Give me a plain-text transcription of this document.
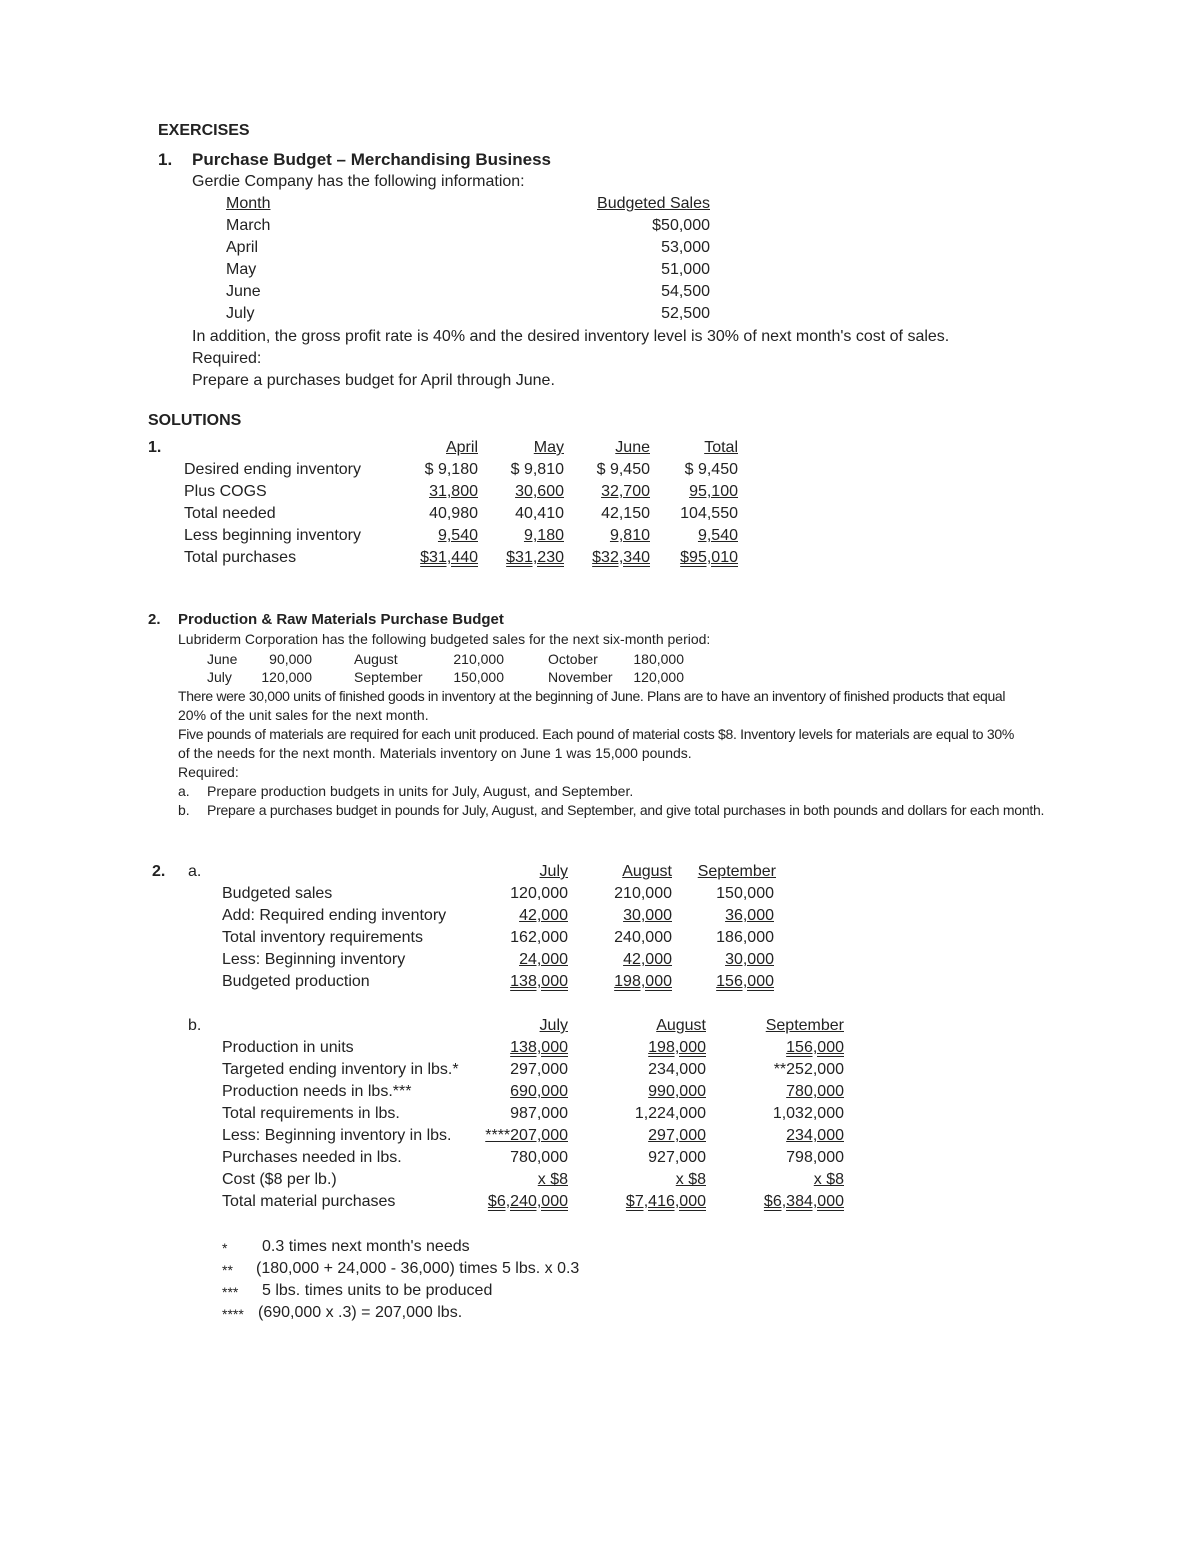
EXERCISES
1. Purchase Budget – Merchandising Business
Gerdie Company has the following information:
Month	Budgeted Sales
March	$50,000
April	53,000
May	51,000
June	54,500
July	52,500
In addition, the gross profit rate is 40% and the desired inventory level is 30% of next month's cost of sales.
Required:
Prepare a purchases budget for April through June.
SOLUTIONS
1.	April	May	June	Total
Desired ending inventory	$ 9,180	$ 9,810	$ 9,450	$ 9,450
Plus COGS	31,800	30,600	32,700	95,100
Total needed	40,980	40,410	42,150	104,550
Less beginning inventory	9,540	9,180	9,810	9,540
Total purchases	$31,440	$31,230	$32,340	$95,010
2. Production & Raw Materials Purchase Budget
Lubriderm Corporation has the following budgeted sales for the next six-month period:
June	90,000
July	120,000
August	210,000
September	150,000
October	180,000
November	120,000
There were 30,000 units of finished goods in inventory at the beginning of June. Plans are to have an inventory of finished products that equal
20% of the unit sales for the next month.
Five pounds of materials are required for each unit produced. Each pound of material costs $8. Inventory levels for materials are equal to 30%
of the needs for the next month. Materials inventory on June 1 was 15,000 pounds.
Required:
a. Prepare production budgets in units for July, August, and September.
b. Prepare a purchases budget in pounds for July, August, and September, and give total purchases in both pounds and dollars for each month.
2. a.	July	August	September
Budgeted sales	120,000	210,000	150,000
Add: Required ending inventory	42,000	30,000	36,000
Total inventory requirements	162,000	240,000	186,000
Less: Beginning inventory	24,000	42,000	30,000
Budgeted production	138,000	198,000	156,000
b.	July	August	September
Production in units	138,000	198,000	156,000
Targeted ending inventory in lbs.*	297,000	234,000	**252,000
Production needs in lbs.***	690,000	990,000	780,000
Total requirements in lbs.	987,000	1,224,000	1,032,000
Less: Beginning inventory in lbs.	****207,000	297,000	234,000
Purchases needed in lbs.	780,000	927,000	798,000
Cost ($8 per lb.)	x $8	x $8	x $8
Total material purchases	$6,240,000	$7,416,000	$6,384,000
* 0.3 times next month's needs
** (180,000 + 24,000 - 36,000) times 5 lbs. x 0.3
*** 5 lbs. times units to be produced
**** (690,000 x .3) = 207,000 lbs.
